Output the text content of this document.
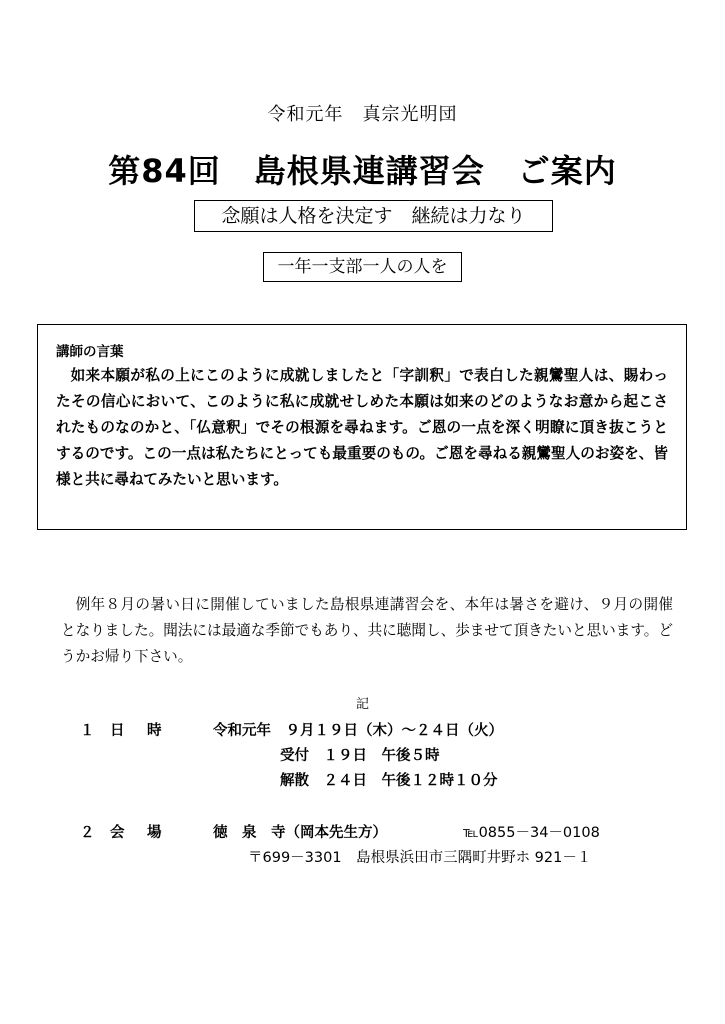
令和元年　真宗光明団
第84回　島根県連講習会　ご案内
念願は人格を決定す　継続は力なり
一年一支部一人の人を
講師の言葉
如来本願が私の上にこのように成就しましたと「字訓釈」で表白した親鸞聖人は、賜わったその信心において、このように私に成就せしめた本願は如来のどのようなお意から起こされたものなのかと、「仏意釈」でその根源を尋ねます。ご恩の一点を深く明瞭に頂き抜こうとするのです。この一点は私たちにとっても最重要のもの。ご恩を尋ねる親鸞聖人のお姿を、皆様と共に尋ねてみたいと思います。
例年８月の暑い日に開催していました島根県連講習会を、本年は暑さを避け、９月の開催となりました。聞法には最適な季節でもあり、共に聴聞し、歩ませて頂きたいと思います。どうかお帰り下さい。
記
１ 日　時	令和元年　９月１９日（木）～２４日（火）
受付　１９日　午後５時
解散　２４日　午後１２時１０分
２ 会　場	徳　泉　寺（岡本先生方）	℡0855－34－0108
〒699－3301　島根県浜田市三隅町井野ホ 921－１
